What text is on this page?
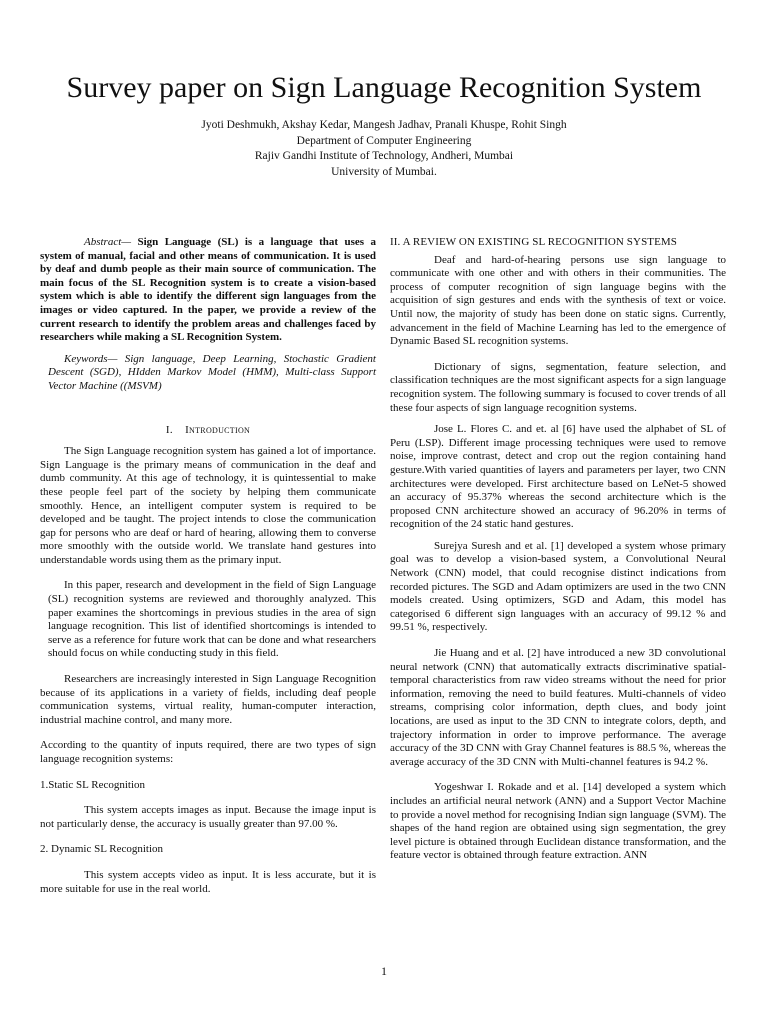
Survey paper on Sign Language Recognition System
Jyoti Deshmukh, Akshay Kedar, Mangesh Jadhav, Pranali Khuspe, Rohit Singh
Department of Computer Engineering
Rajiv Gandhi Institute of Technology, Andheri, Mumbai
University of Mumbai.

Abstract— Sign Language (SL) is a language that uses a system of manual, facial and other means of communication. It is used by deaf and dumb people as their main source of communication. The main focus of the SL Recognition system is to create a vision-based system which is able to identify the different sign languages from the images or video captured. In the paper, we provide a review of the current research to identify the problem areas and challenges faced by researchers while making a SL Recognition System.

Keywords— Sign language, Deep Learning, Stochastic Gradient Descent (SGD), HIdden Markov Model (HMM), Multi-class Support Vector Machine ((MSVM)

I. Introduction

The Sign Language recognition system has gained a lot of importance. Sign Language is the primary means of communication in the deaf and dumb community. At this age of technology, it is quintessential to make these people feel part of the society by helping them communicate smoothly. Hence, an intelligent computer system is required to be developed and be taught. The project intends to close the communication gap for persons who are deaf or hard of hearing, allowing them to converse more smoothly with the outside world. We translate hand gestures into understandable words using them as the primary input.

In this paper, research and development in the field of Sign Language (SL) recognition systems are reviewed and thoroughly analyzed. This paper examines the shortcomings in previous studies in the area of sign language recognition. This list of identified shortcomings is intended to serve as a reference for future work that can be done and what researchers should focus on while conducting study in this field.

Researchers are increasingly interested in Sign Language Recognition because of its applications in a variety of fields, including deaf people communication systems, virtual reality, human-computer interaction, industrial machine control, and many more.

According to the quantity of inputs required, there are two types of sign language recognition systems:

1.Static SL Recognition

This system accepts images as input. Because the image input is not particularly dense, the accuracy is usually greater than 97.00 %.

2. Dynamic SL Recognition

This system accepts video as input. It is less accurate, but it is more suitable for use in the real world.

II. A REVIEW ON EXISTING SL RECOGNITION SYSTEMS

Deaf and hard-of-hearing persons use sign language to communicate with one other and with others in their communities. The process of computer recognition of sign language begins with the acquisition of sign gestures and ends with the synthesis of text or voice. Until now, the majority of study has been done on static signs. Currently, advancement in the field of Machine Learning has led to the emergence of Dynamic Based SL recognition systems.

Dictionary of signs, segmentation, feature selection, and classification techniques are the most significant aspects for a sign language recognition system. The following summary is focused to cover trends of all these four aspects of sign language recognition systems.

Jose L. Flores C. and et. al [6] have used the alphabet of SL of Peru (LSP). Different image processing techniques were used to remove noise, improve contrast, detect and crop out the region containing hand gesture.With varied quantities of layers and parameters per layer, two CNN architectures were developed. First architecture based on LeNet-5 showed an accuracy of 95.37% whereas the second architecture which is the proposed CNN architecture showed an accuracy of 96.20% in terms of recognition of the 24 static hand gestures.

Surejya Suresh and et al. [1] developed a system whose primary goal was to develop a vision-based system, a Convolutional Neural Network (CNN) model, that could recognise distinct indications from recorded pictures. The SGD and Adam optimizers are used in the two CNN models created. Using optimizers, SGD and Adam, this model has categorised 6 different sign languages with an accuracy of 99.12 % and 99.51 %, respectively.

Jie Huang and et al. [2] have introduced a new 3D convolutional neural network (CNN) that automatically extracts discriminative spatial-temporal characteristics from raw video streams without the need for prior information, removing the need to build features. Multi-channels of video streams, comprising color information, depth clues, and body joint locations, are used as input to the 3D CNN to integrate colors, depth, and trajectory information in order to improve performance. The average accuracy of the 3D CNN with Gray Channel features is 88.5 %, whereas the average accuracy of the 3D CNN with Multi-channel features is 94.2 %.

Yogeshwar I. Rokade and et al. [14] developed a system which includes an artificial neural network (ANN) and a Support Vector Machine to provide a novel method for recognising Indian sign language (SVM). The shapes of the hand region are obtained using sign segmentation, the grey level picture is obtained through Euclidean distance transformation, and the feature vector is obtained through feature extraction. ANN

1
